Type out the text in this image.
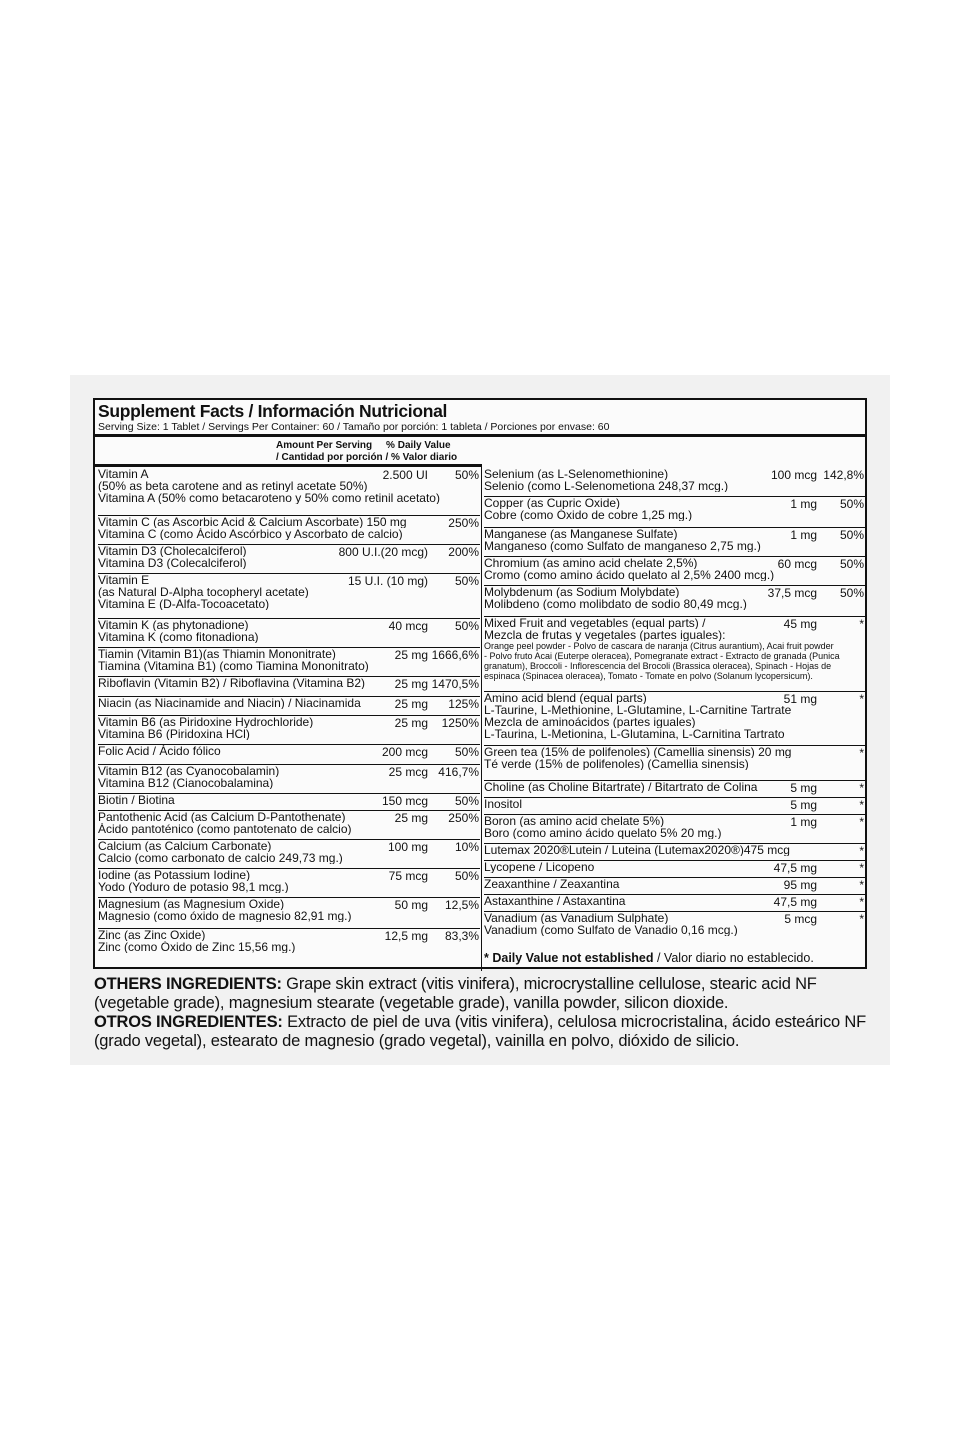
Supplement Facts / Información Nutricional
Serving Size: 1 Tablet / Servings Per Container: 60 / Tamaño por porción: 1 tableta / Porciones por envase: 60
Amount Per Serving % Daily Value
/ Cantidad por porción / % Valor diario
Vitamin A
(50% as beta carotene and as retinyl acetate 50%)
Vitamina A (50% como betacaroteno y 50% como retinil acetato)
2.500 UI 50%
Vitamin C (as Ascorbic Acid & Calcium Ascorbate) 150 mg
Vitamina C (como Ácido Ascórbico y Ascorbato de calcio)
250%
Vitamin D3 (Cholecalciferol)
Vitamina D3 (Colecalciferol)
800 U.I.(20 mcg) 200%
Vitamin E
(as Natural D-Alpha tocopheryl acetate)
Vitamina E (D-Alfa-Tocoacetato)
15 U.I. (10 mg) 50%
Vitamin K (as phytonadione)
Vitamina K (como fitonadiona)
40 mcg 50%
Tiamin (Vitamin B1)(as Thiamin Mononitrate)
Tiamina (Vitamina B1) (como Tiamina Mononitrato)
25 mg 1666,6%
Riboflavin (Vitamin B2) / Riboflavina (Vitamina B2)	25 mg 1470,5%
Niacin (as Niacinamide and Niacin) / Niacinamida	25 mg 125%
Vitamin B6 (as Piridoxine Hydrochloride)
Vitamina B6 (Piridoxina HCl)
25 mg 1250%
Folic Acid / Ácido fólico	200 mcg 50%
Vitamin B12 (as Cyanocobalamin)
Vitamina B12 (Cianocobalamina)
25 mcg 416,7%
Biotin / Biotina	150 mcg 50%
Pantothenic Acid (as Calcium D-Pantothenate)
Ácido pantoténico (como pantotenato de calcio)
25 mg 250%
Calcium (as Calcium Carbonate)
Calcio (como carbonato de calcio 249,73 mg.)
100 mg 10%
Iodine (as Potassium Iodine)
Yodo (Yoduro de potasio 98,1 mcg.)
75 mcg 50%
Magnesium (as Magnesium Oxide)
Magnesio (como óxido de magnesio 82,91 mg.)
50 mg 12,5%
Zinc (as Zinc Oxide)
Zinc (como Óxido de Zinc 15,56 mg.)
12,5 mg 83,3%
Selenium (as L-Selenomethionine)
Selenio (como L-Selenometiona 248,37 mcg.)
100 mcg 142,8%
Copper (as Cupric Oxide)
Cobre (como Óxido de cobre 1,25 mg.)
1 mg 50%
Manganese (as Manganese Sulfate)
Manganeso (como Sulfato de manganeso 2,75 mg.)
1 mg 50%
Chromium (as amino acid chelate 2,5%)
Cromo (como amino ácido quelato al 2,5% 2400 mcg.)
60 mcg 50%
Molybdenum (as Sodium Molybdate)
Molibdeno (como molibdato de sodio 80,49 mcg.)
37,5 mcg 50%
Mixed Fruit and vegetables (equal parts) /
Mezcla de frutas y vegetales (partes iguales):
Orange peel powder - Polvo de cascara de naranja (Citrus aurantium), Acai fruit powder
- Polvo fruto Acai (Euterpe oleracea), Pomegranate extract - Extracto de granada (Punica
granatum), Broccoli - Inflorescencia del Brocoli (Brassica oleracea), Spinach - Hojas de
espinaca (Spinacea oleracea), Tomato - Tomate en polvo (Solanum lycopersicum).
45 mg	*
Amino acid blend (equal parts)
L-Taurine, L-Methionine, L-Glutamine, L-Carnitine Tartrate
Mezcla de aminoácidos (partes iguales)
L-Taurina, L-Metionina, L-Glutamina, L-Carnitina Tartrato
51 mg	*
Green tea (15% de polifenoles) (Camellia sinensis) 20 mg
Té verde (15% de polifenoles) (Camellia sinensis)
*
Choline (as Choline Bitartrate) / Bitartrato de Colina	5 mg	*
Inositol	5 mg	*
Boron (as amino acid chelate 5%)
Boro (como amino ácido quelato 5% 20 mg.)
1 mg	*
Lutemax 2020®Lutein / Luteina (Lutemax2020®)475 mcg	*
Lycopene / Licopeno	47,5 mg	*
Zeaxanthine / Zeaxantina	95 mg	*
Astaxanthine / Astaxantina	47,5 mg	*
Vanadium (as Vanadium Sulphate)
Vanadium (como Sulfato de Vanadio 0,16 mcg.)
5 mcg	*
* Daily Value not established / Valor diario no establecido.
OTHERS INGREDIENTS: Grape skin extract (vitis vinifera), microcrystalline cellulose, stearic acid NF (vegetable grade), magnesium stearate (vegetable grade), vanilla powder, silicon dioxide.
OTROS INGREDIENTES: Extracto de piel de uva (vitis vinifera), celulosa microcristalina, ácido esteárico NF (grado vegetal), estearato de magnesio (grado vegetal), vainilla en polvo, dióxido de silicio.
